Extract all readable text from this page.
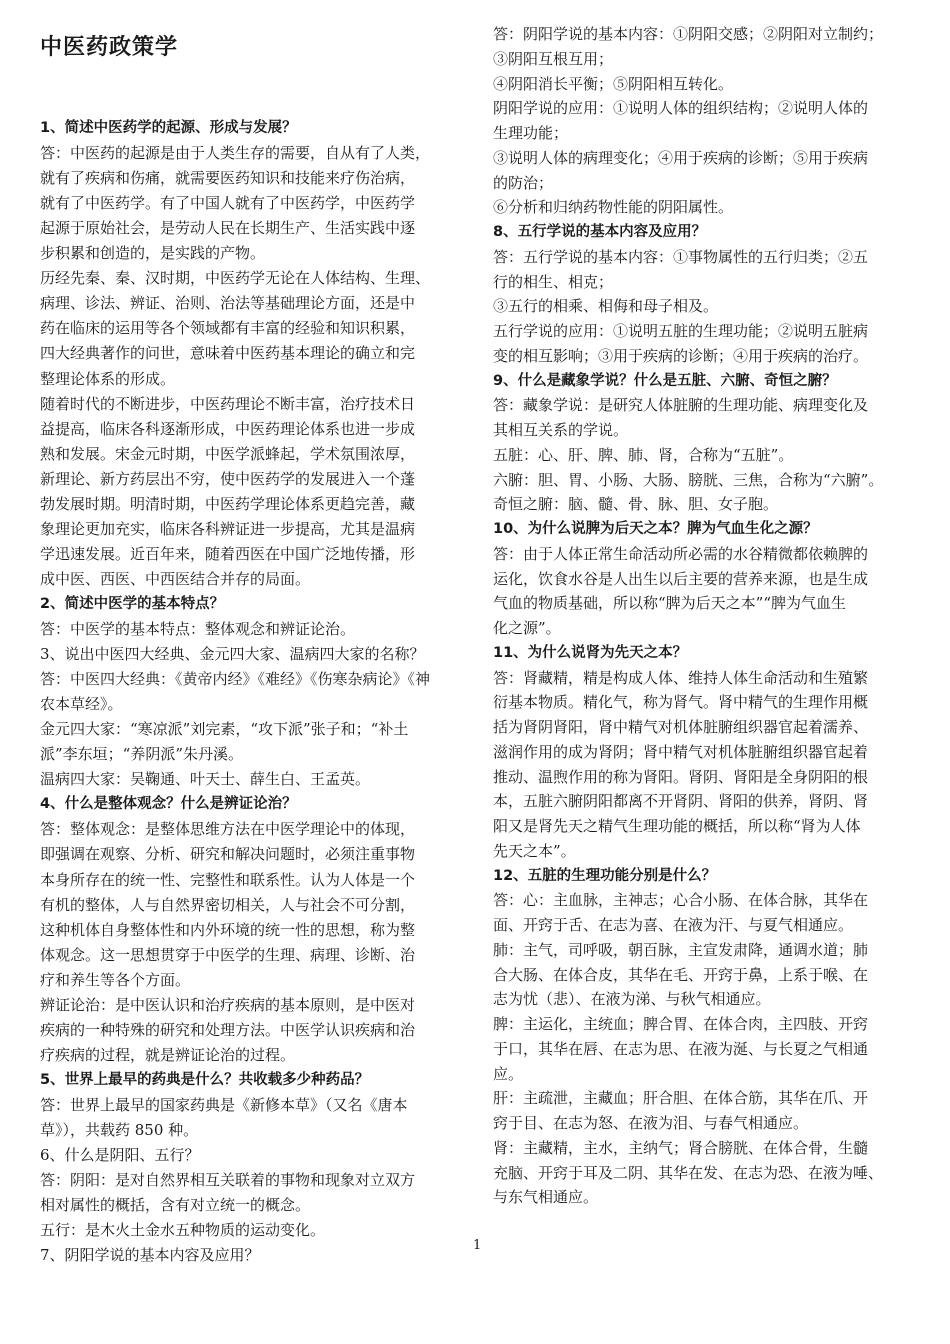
中医药政策学
1、简述中医药学的起源、形成与发展？
答：中医药的起源是由于人类生存的需要，自从有了人类，
就有了疾病和伤痛，就需要医药知识和技能来疗伤治病，
就有了中医药学。有了中国人就有了中医药学，中医药学
起源于原始社会，是劳动人民在长期生产、生活实践中逐
步积累和创造的，是实践的产物。
历经先秦、秦、汉时期，中医药学无论在人体结构、生理、
病理、诊法、辨证、治则、治法等基础理论方面，还是中
药在临床的运用等各个领域都有丰富的经验和知识积累，
四大经典著作的问世，意味着中医药基本理论的确立和完
整理论体系的形成。
随着时代的不断进步，中医药理论不断丰富，治疗技术日
益提高，临床各科逐渐形成，中医药理论体系也进一步成
熟和发展。宋金元时期，中医学派蜂起，学术氛围浓厚，
新理论、新方药层出不穷，使中医药学的发展进入一个蓬
勃发展时期。明清时期，中医药学理论体系更趋完善，藏
象理论更加充实，临床各科辨证进一步提高，尤其是温病
学迅速发展。近百年来，随着西医在中国广泛地传播，形
成中医、西医、中西医结合并存的局面。
2、简述中医学的基本特点？
答：中医学的基本特点：整体观念和辨证论治。
3、说出中医四大经典、金元四大家、温病四大家的名称？
答：中医四大经典：《黄帝内经》《难经》《伤寒杂病论》《神
农本草经》。
金元四大家：“寒凉派”刘完素，“攻下派”张子和；“补土
派”李东垣；“养阴派”朱丹溪。
温病四大家：吴鞠通、叶天士、薛生白、王孟英。
4、什么是整体观念？什么是辨证论治？
答：整体观念：是整体思维方法在中医学理论中的体现，
即强调在观察、分析、研究和解决问题时，必须注重事物
本身所存在的统一性、完整性和联系性。认为人体是一个
有机的整体，人与自然界密切相关，人与社会不可分割，
这种机体自身整体性和内外环境的统一性的思想，称为整
体观念。这一思想贯穿于中医学的生理、病理、诊断、治
疗和养生等各个方面。
辨证论治：是中医认识和治疗疾病的基本原则，是中医对
疾病的一种特殊的研究和处理方法。中医学认识疾病和治
疗疾病的过程，就是辨证论治的过程。
5、世界上最早的药典是什么？共收载多少种药品？
答：世界上最早的国家药典是《新修本草》（又名《唐本
草》），共载药 850 种。
6、什么是阴阳、五行？
答：阴阳：是对自然界相互关联着的事物和现象对立双方
相对属性的概括，含有对立统一的概念。
五行：是木火土金水五种物质的运动变化。
7、阴阳学说的基本内容及应用？
答：阴阳学说的基本内容：①阴阳交感；②阴阳对立制约；
③阴阳互根互用；
④阴阳消长平衡；⑤阴阳相互转化。
阴阳学说的应用：①说明人体的组织结构；②说明人体的
生理功能；
③说明人体的病理变化；④用于疾病的诊断；⑤用于疾病
的防治；
⑥分析和归纳药物性能的阴阳属性。
8、五行学说的基本内容及应用？
答：五行学说的基本内容：①事物属性的五行归类；②五
行的相生、相克；
③五行的相乘、相侮和母子相及。
五行学说的应用：①说明五脏的生理功能；②说明五脏病
变的相互影响；③用于疾病的诊断；④用于疾病的治疗。
9、什么是藏象学说？什么是五脏、六腑、奇恒之腑？
答：藏象学说：是研究人体脏腑的生理功能、病理变化及
其相互关系的学说。
五脏：心、肝、脾、肺、肾，合称为“五脏”。
六腑：胆、胃、小肠、大肠、膀胱、三焦，合称为“六腑”。
奇恒之腑：脑、髓、骨、脉、胆、女子胞。
10、为什么说脾为后天之本？脾为气血生化之源？
答：由于人体正常生命活动所必需的水谷精微都依赖脾的
运化，饮食水谷是人出生以后主要的营养来源，也是生成
气血的物质基础，所以称“脾为后天之本”“脾为气血生
化之源”。
11、为什么说肾为先天之本？
答：肾藏精，精是构成人体、维持人体生命活动和生殖繁
衍基本物质。精化气，称为肾气。肾中精气的生理作用概
括为肾阴肾阳，肾中精气对机体脏腑组织器官起着濡养、
滋润作用的成为肾阴；肾中精气对机体脏腑组织器官起着
推动、温煦作用的称为肾阳。肾阴、肾阳是全身阴阳的根
本，五脏六腑阴阳都离不开肾阴、肾阳的供养，肾阴、肾
阳又是肾先天之精气生理功能的概括，所以称“肾为人体
先天之本”。
12、五脏的生理功能分别是什么？
答：心：主血脉，主神志；心合小肠、在体合脉，其华在
面、开窍于舌、在志为喜、在液为汗、与夏气相通应。
肺：主气，司呼吸，朝百脉，主宣发肃降，通调水道；肺
合大肠、在体合皮，其华在毛、开窍于鼻，上系于喉、在
志为忧（悲）、在液为涕、与秋气相通应。
脾：主运化，主统血；脾合胃、在体合肉，主四肢、开窍
于口，其华在唇、在志为思、在液为涎、与长夏之气相通
应。
肝：主疏泄，主藏血；肝合胆、在体合筋，其华在爪、开
窍于目、在志为怒、在液为泪、与春气相通应。
肾：主藏精，主水，主纳气；肾合膀胱、在体合骨，生髓
充脑、开窍于耳及二阴、其华在发、在志为恐、在液为唾、
与东气相通应。
1
